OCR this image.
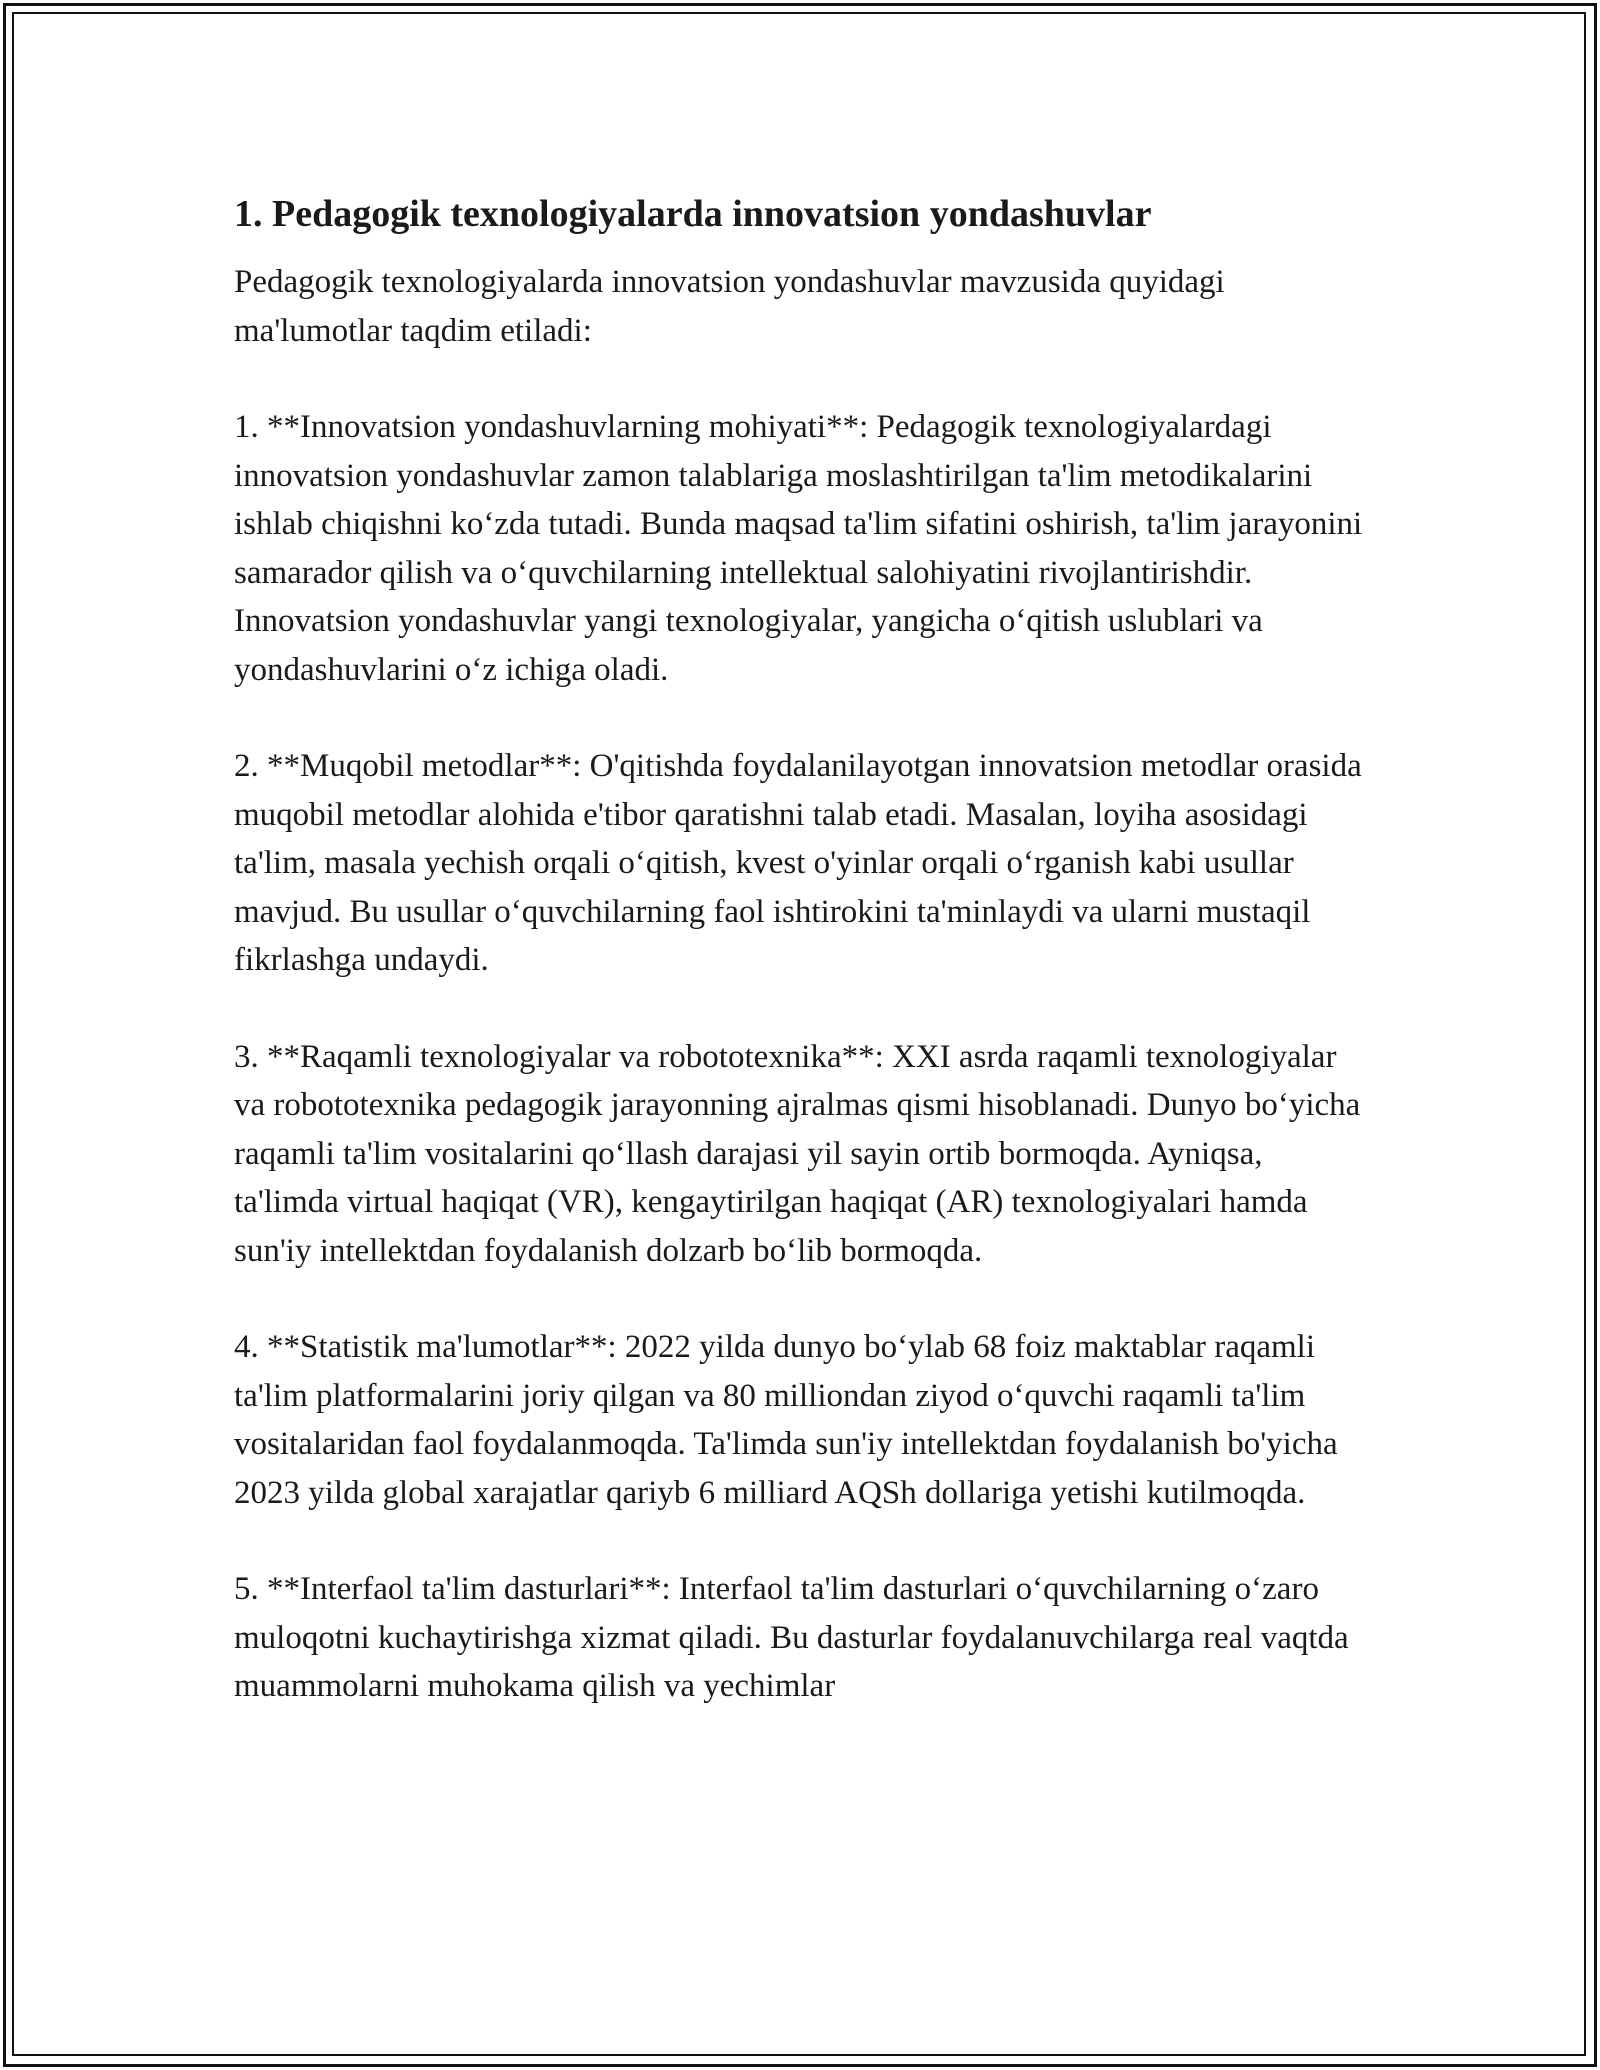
1. Pedagogik texnologiyalarda innovatsion yondashuvlar

Pedagogik texnologiyalarda innovatsion yondashuvlar mavzusida quyidagi ma'lumotlar taqdim etiladi:

1. **Innovatsion yondashuvlarning mohiyati**: Pedagogik texnologiyalardagi innovatsion yondashuvlar zamon talablariga moslashtirilgan ta'lim metodikalarini ishlab chiqishni koʻzda tutadi. Bunda maqsad ta'lim sifatini oshirish, ta'lim jarayonini samarador qilish va oʻquvchilarning intellektual salohiyatini rivojlantirishdir. Innovatsion yondashuvlar yangi texnologiyalar, yangicha oʻqitish uslublari va yondashuvlarini oʻz ichiga oladi.

2. **Muqobil metodlar**: O'qitishda foydalanilayotgan innovatsion metodlar orasida muqobil metodlar alohida e'tibor qaratishni talab etadi. Masalan, loyiha asosidagi ta'lim, masala yechish orqali oʻqitish, kvest o'yinlar orqali oʻrganish kabi usullar mavjud. Bu usullar oʻquvchilarning faol ishtirokini ta'minlaydi va ularni mustaqil fikrlashga undaydi.

3. **Raqamli texnologiyalar va robototexnika**: XXI asrda raqamli texnologiyalar va robototexnika pedagogik jarayonning ajralmas qismi hisoblanadi. Dunyo boʻyicha raqamli ta'lim vositalarini qoʻllash darajasi yil sayin ortib bormoqda. Ayniqsa, ta'limda virtual haqiqat (VR), kengaytirilgan haqiqat (AR) texnologiyalari hamda sun'iy intellektdan foydalanish dolzarb boʻlib bormoqda.

4. **Statistik ma'lumotlar**: 2022 yilda dunyo boʻylab 68 foiz maktablar raqamli ta'lim platformalarini joriy qilgan va 80 milliondan ziyod oʻquvchi raqamli ta'lim vositalaridan faol foydalanmoqda. Ta'limda sun'iy intellektdan foydalanish bo'yicha 2023 yilda global xarajatlar qariyb 6 milliard AQSh dollariga yetishi kutilmoqda.

5. **Interfaol ta'lim dasturlari**: Interfaol ta'lim dasturlari oʻquvchilarning oʻzaro muloqotni kuchaytirishga xizmat qiladi. Bu dasturlar foydalanuvchilarga real vaqtda muammolarni muhokama qilish va yechimlar
